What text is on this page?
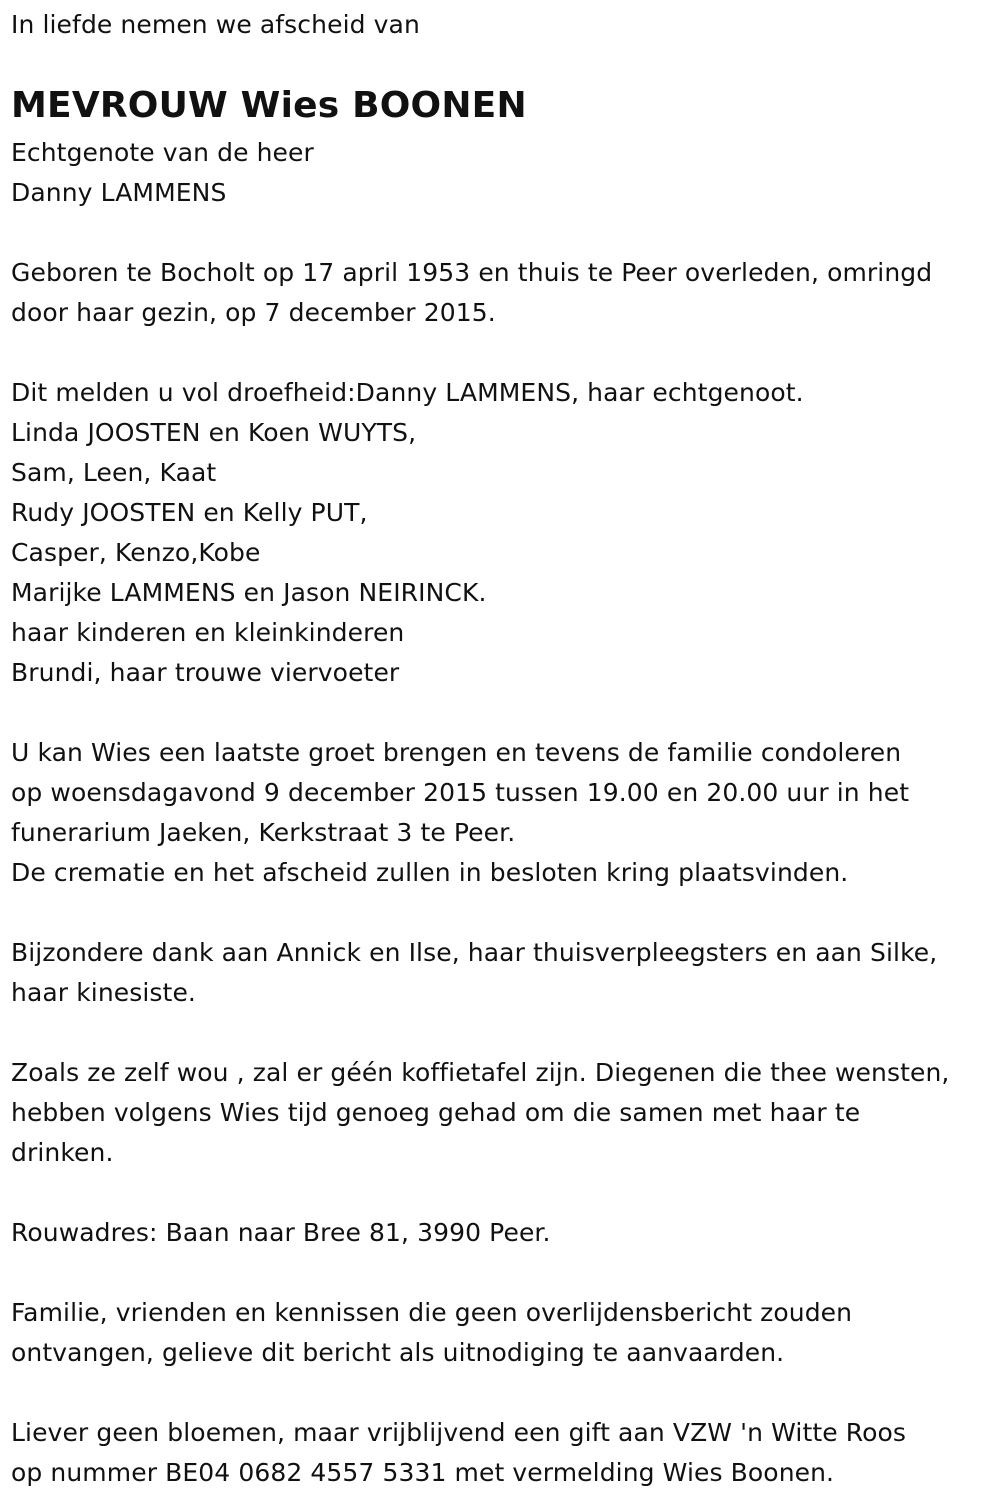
In liefde nemen we afscheid van
MEVROUW Wies BOONEN
Echtgenote van de heer
Danny LAMMENS
Geboren te Bocholt op 17 april 1953 en thuis te Peer overleden, omringd
door haar gezin, op 7 december 2015.
Dit melden u vol droefheid:Danny LAMMENS, haar echtgenoot.
Linda JOOSTEN en Koen WUYTS,
Sam, Leen, Kaat
Rudy JOOSTEN en Kelly PUT,
Casper, Kenzo,Kobe
Marijke LAMMENS en Jason NEIRINCK.
haar kinderen en kleinkinderen
Brundi, haar trouwe viervoeter
U kan Wies een laatste groet brengen en tevens de familie condoleren
op woensdagavond 9 december 2015 tussen 19.00 en 20.00 uur in het
funerarium Jaeken, Kerkstraat 3 te Peer.
De crematie en het afscheid zullen in besloten kring plaatsvinden.
Bijzondere dank aan Annick en Ilse, haar thuisverpleegsters en aan Silke,
haar kinesiste.
Zoals ze zelf wou , zal er géén koffietafel zijn. Diegenen die thee wensten,
hebben volgens Wies tijd genoeg gehad om die samen met haar te
drinken.
Rouwadres: Baan naar Bree 81, 3990 Peer.
Familie, vrienden en kennissen die geen overlijdensbericht zouden
ontvangen, gelieve dit bericht als uitnodiging te aanvaarden.
Liever geen bloemen, maar vrijblijvend een gift aan VZW 'n Witte Roos
op nummer BE04 0682 4557 5331 met vermelding Wies Boonen.
